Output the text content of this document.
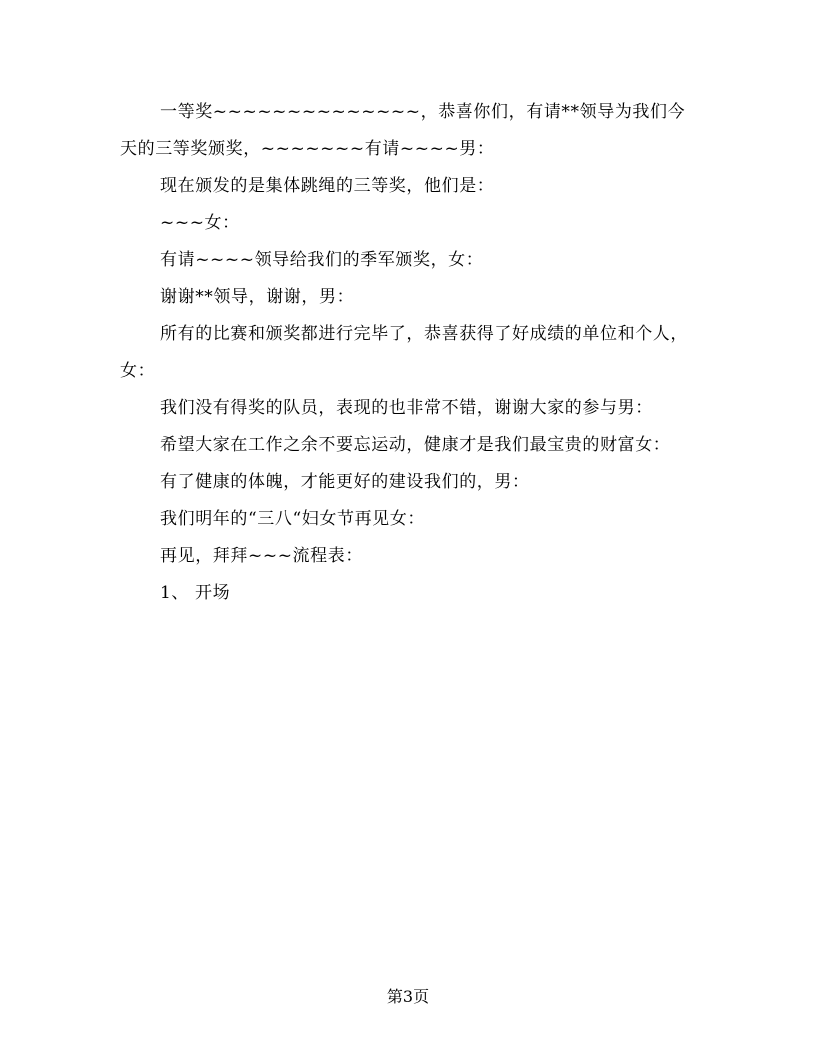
一等奖~~~~~~~~~~~~~~，恭喜你们，有请**领导为我们今天的三等奖颁奖，~~~~~~~有请~~~~男：

现在颁发的是集体跳绳的三等奖，他们是：

~~~女：

有请~~~~领导给我们的季军颁奖，女：

谢谢**领导，谢谢，男：

所有的比赛和颁奖都进行完毕了，恭喜获得了好成绩的单位和个人，女：

我们没有得奖的队员，表现的也非常不错，谢谢大家的参与男：

希望大家在工作之余不要忘运动，健康才是我们最宝贵的财富女：

有了健康的体魄，才能更好的建设我们的，男：

我们明年的“三八“妇女节再见女：

再见，拜拜~~~流程表：

1、 开场

第3页
